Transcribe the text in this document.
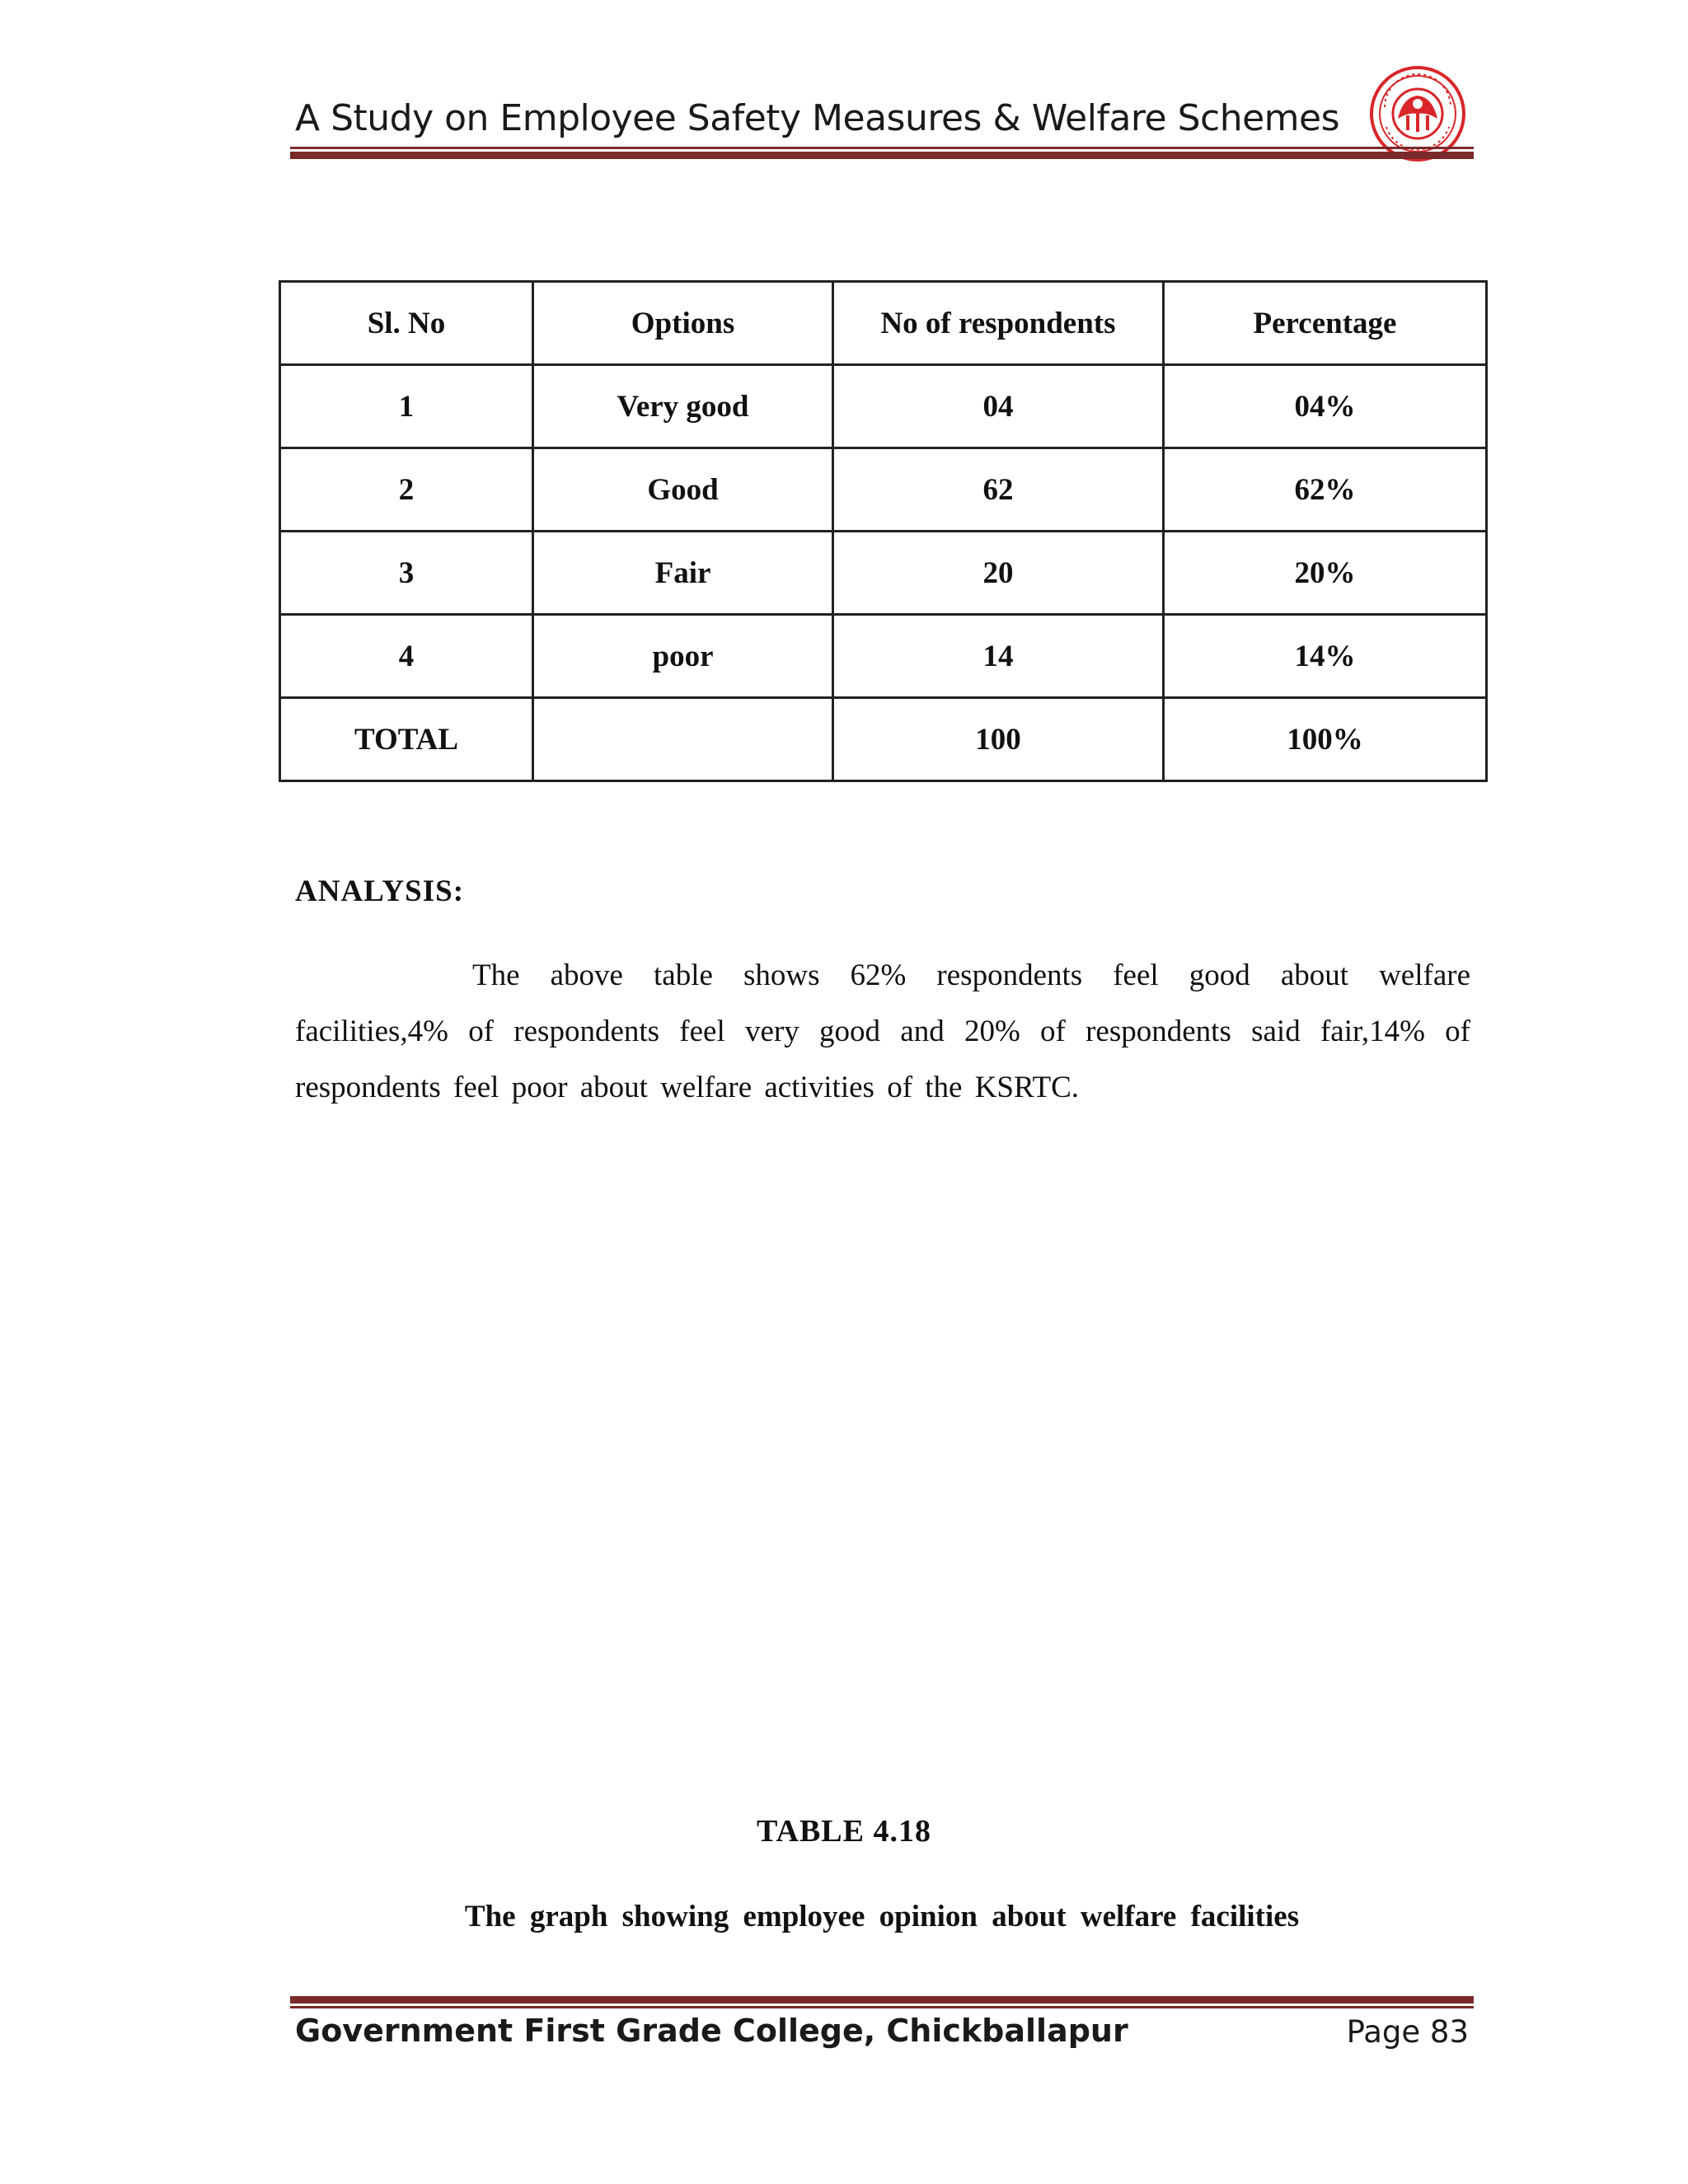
A Study on Employee Safety Measures & Welfare Schemes
Sl. No	Options	No of respondents	Percentage
1	Very good	04	04%
2	Good	62	62%
3	Fair	20	20%
4	poor	14	14%
TOTAL		100	100%
ANALYSIS:
The above table shows 62% respondents feel good about welfare facilities,4% of respondents feel very good and 20% of respondents said fair,14% of respondents feel poor about welfare activities of the KSRTC.
TABLE 4.18
The graph showing employee opinion about welfare facilities
Government First Grade College, Chickballapur	Page 83
